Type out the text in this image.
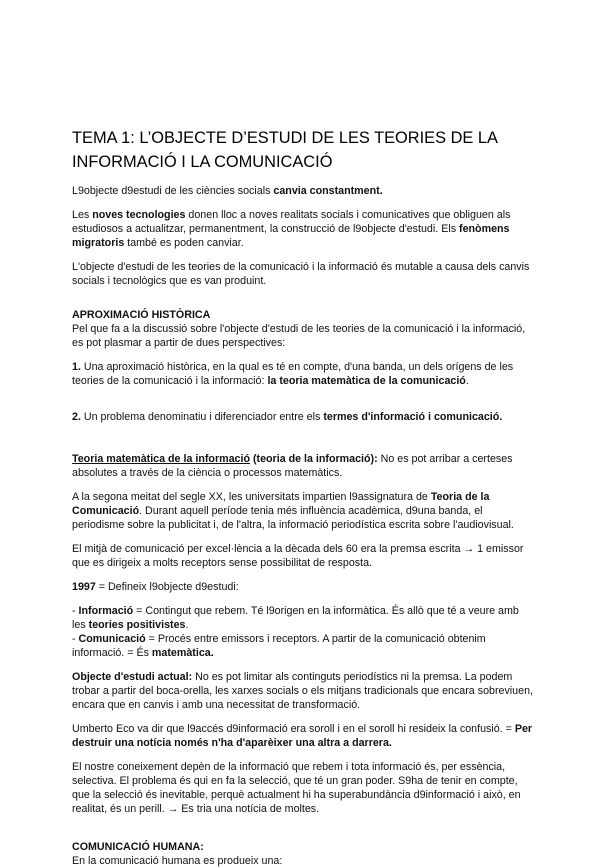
TEMA 1: L’OBJECTE D’ESTUDI DE LES TEORIES DE LA INFORMACIÓ I LA COMUNICACIÓ

L9objecte d9estudi de les ciències socials canvia constantment.

Les noves tecnologies donen lloc a noves realitats socials i comunicatives que obliguen als estudiosos a actualitzar, permanentment, la construcció de l9objecte d'estudi. Els fenòmens migratoris també es poden canviar.

L'objecte d'estudi de les teories de la comunicació i la informació és mutable a causa dels canvis socials i tecnològics que es van produint.

APROXIMACIÓ HISTÒRICA

Pel que fa a la discussió sobre l'objecte d'estudi de les teories de la comunicació i la informació, es pot plasmar a partir de dues perspectives:

1. Una aproximació històrica, en la qual es té en compte, d'una banda, un dels orígens de les teories de la comunicació i la informació: la teoria matemàtica de la comunicació.

2. Un problema denominatiu i diferenciador entre els termes d'informació i comunicació.

Teoria matemàtica de la informació (teoria de la informació): No es pot arribar a certeses absolutes a través de la ciència o processos matemàtics.

A la segona meitat del segle XX, les universitats impartien l9assignatura de Teoria de la Comunicació. Durant aquell període tenia més influència acadèmica, d9una banda, el periodisme sobre la publicitat i, de l'altra, la informació periodística escrita sobre l'audiovisual.

El mitjà de comunicació per excel·lència a la dècada dels 60 era la premsa escrita → 1 emissor que es dirigeix a molts receptors sense possibilitat de resposta.

1997 = Defineix l9objecte d9estudi:

- Informació = Contingut que rebem. Té l9origen en la informàtica. És allò que té a veure amb les teories positivistes.
- Comunicació = Procés entre emissors i receptors. A partir de la comunicació obtenim informació. = És matemàtica.

Objecte d'estudi actual: No es pot limitar als continguts periodístics ni la premsa. La podem trobar a partir del boca-orella, les xarxes socials o els mitjans tradicionals que encara sobreviuen, encara que en canvis i amb una necessitat de transformació.

Umberto Eco va dir que l9accés d9informació era soroll i en el soroll hi resideix la confusió. = Per destruir una notícia només n'ha d'aparèixer una altra a darrera.

El nostre coneixement depèn de la informació que rebem i tota informació és, per essència, selectiva. El problema és qui en fa la selecció, que té un gran poder. S9ha de tenir en compte, que la selecció és inevitable, perquè actualment hi ha superabundància d9informació i això, en realitat, és un perill. → Es tria una notícia de moltes.

COMUNICACIÓ HUMANA:

En la comunicació humana es produeix una:
